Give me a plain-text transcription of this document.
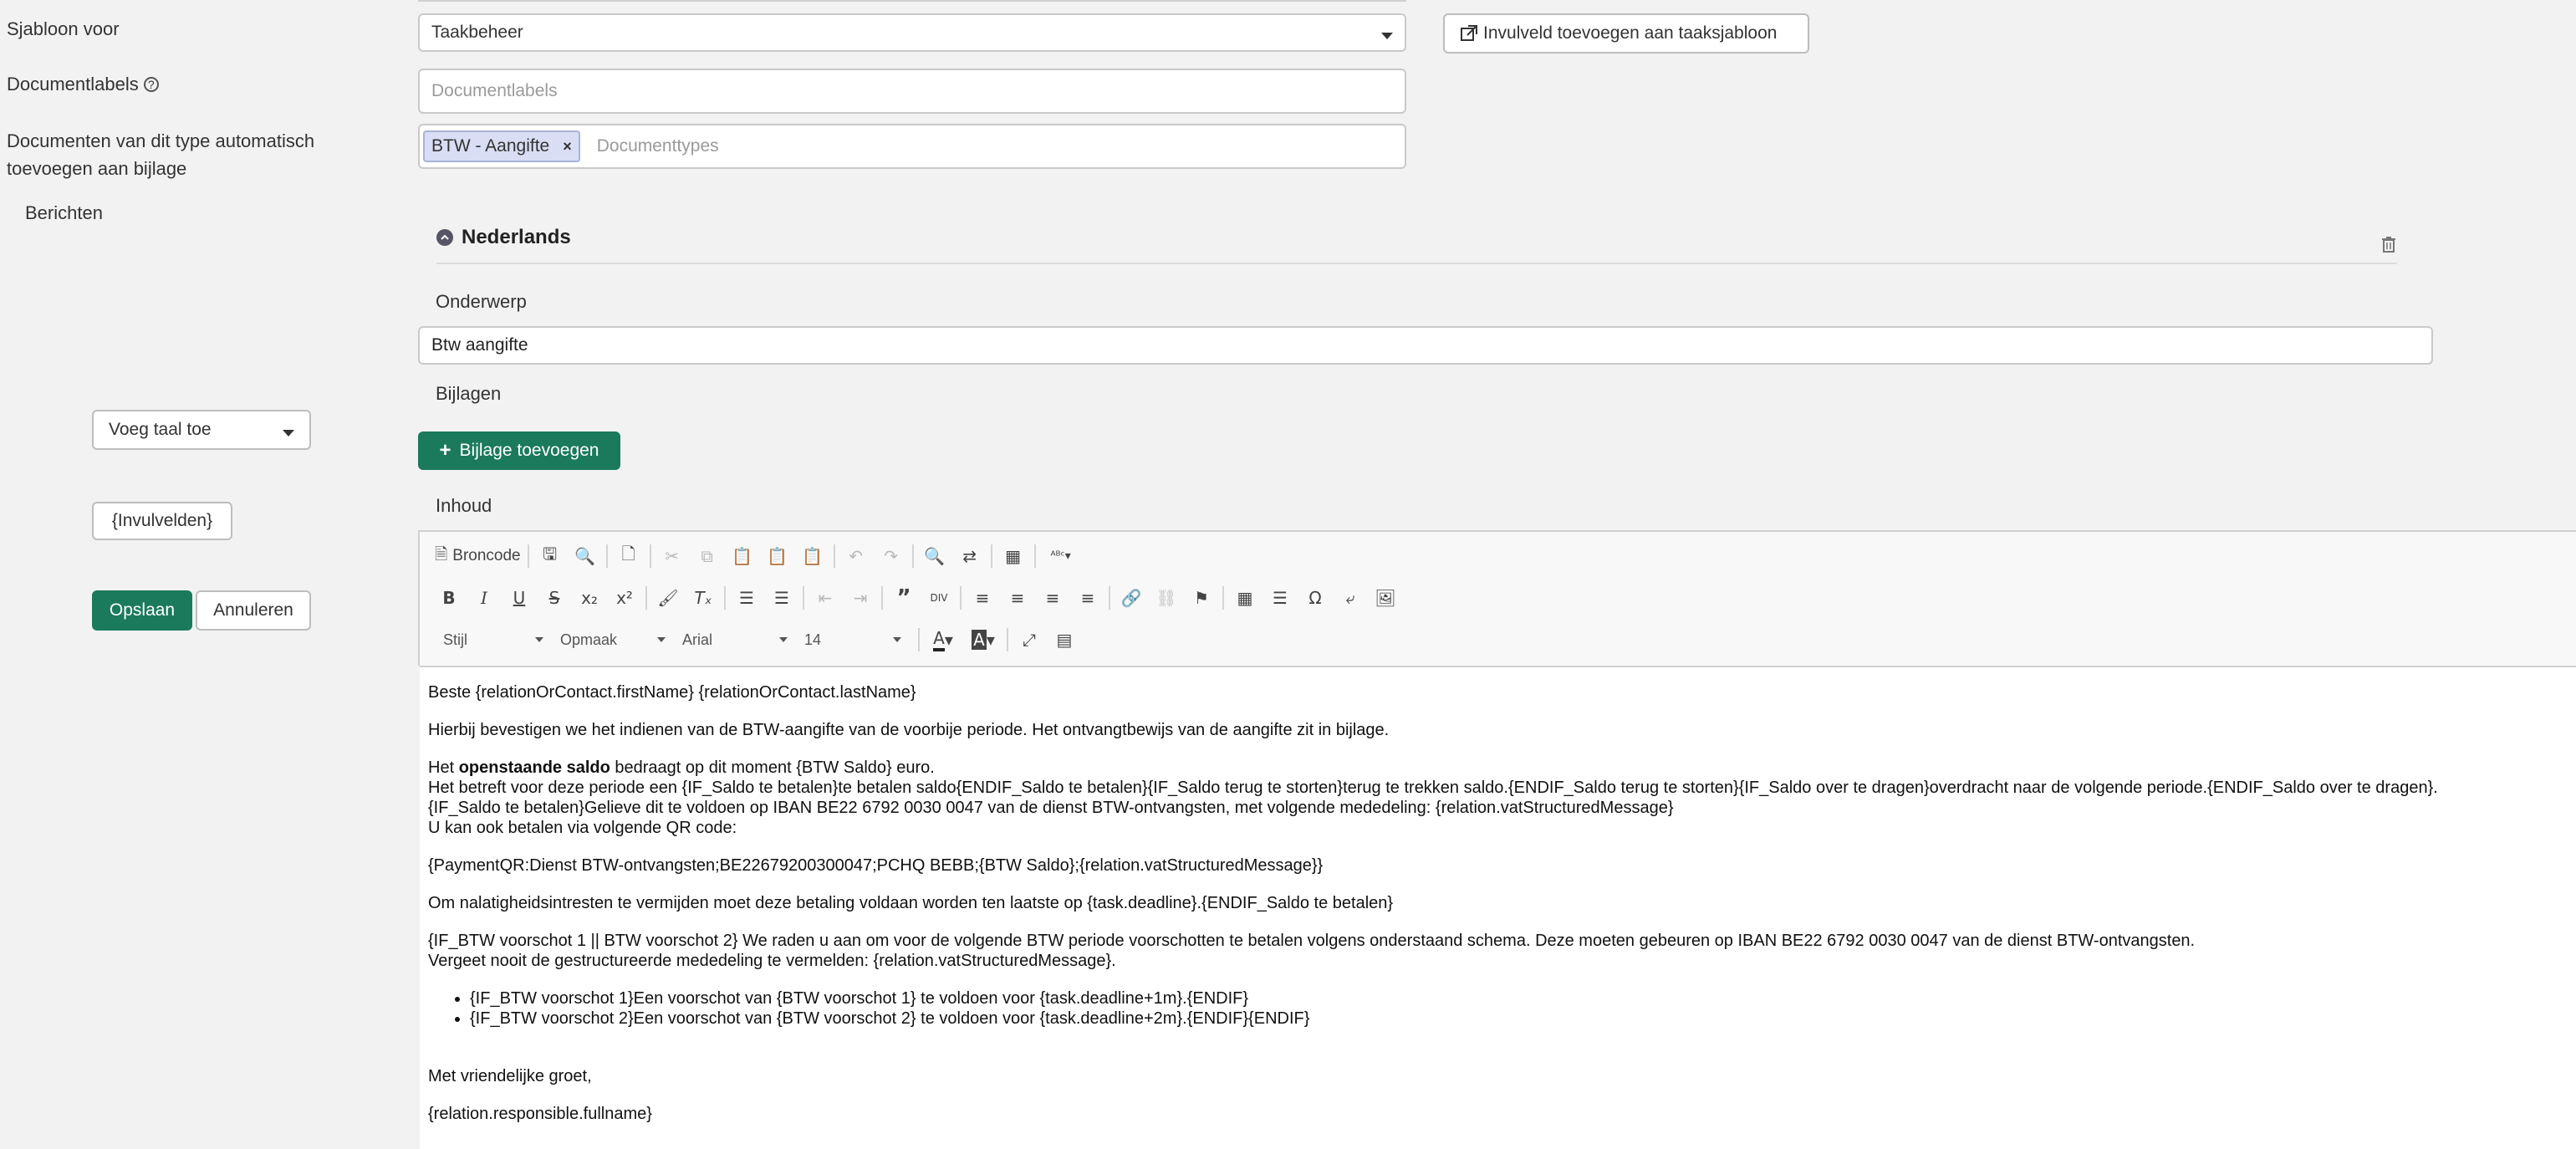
Sjabloon voor	Taakbeheer	Invulveld toevoegen aan taaksjabloon
Documentlabels ?	Documentlabels
Documenten van dit type automatisch
toevoegen aan bijlage
BTW - Aangifte × Documenttypes
Berichten
Nederlands
Onderwerp
Btw aangifte
Bijlagen
+ Bijlage toevoegen
Inhoud
Voeg taal toe
{Invulvelden}
Opslaan Annuleren
🗎 Broncode	🖫	🔍	🗋	✂	⧉	📋 📋 📋	↶	↷	🔍	⇄	▦	ᴬᴮᶜ▾
B	I	U	S	x₂	x²	🖌 Tₓ	☰	☰	⇤	⇥	”	DIV	≡	≡	≡	≡	🔗 ⛓	⚑	▦	☰	Ω	⤶	🖼
Stijl	Opmaak	Arial	14	A ▾	A ▾	⤢	▤

Beste {relationOrContact.firstName} {relationOrContact.lastName}

Hierbij bevestigen we het indienen van de BTW-aangifte van de voorbije periode. Het ontvangtbewijs van de aangifte zit in bijlage.

Het openstaande saldo bedraagt op dit moment {BTW Saldo} euro.
Het betreft voor deze periode een {IF_Saldo te betalen}te betalen saldo{ENDIF_Saldo te betalen}{IF_Saldo terug te storten}terug te trekken saldo.{ENDIF_Saldo terug te storten}{IF_Saldo over te dragen}overdracht naar de volgende periode.{ENDIF_Saldo over te dragen}.
{IF_Saldo te betalen}Gelieve dit te voldoen op IBAN BE22 6792 0030 0047 van de dienst BTW-ontvangsten, met volgende mededeling: {relation.vatStructuredMessage}
U kan ook betalen via volgende QR code:

{PaymentQR:Dienst BTW-ontvangsten;BE22679200300047;PCHQ BEBB;{BTW Saldo};{relation.vatStructuredMessage}}

Om nalatigheidsintresten te vermijden moet deze betaling voldaan worden ten laatste op {task.deadline}.{ENDIF_Saldo te betalen}

{IF_BTW voorschot 1 || BTW voorschot 2} We raden u aan om voor de volgende BTW periode voorschotten te betalen volgens onderstaand schema. Deze moeten gebeuren op IBAN BE22 6792 0030 0047 van de dienst BTW-ontvangsten.
Vergeet nooit de gestructureerde mededeling te vermelden: {relation.vatStructuredMessage}.

• {IF_BTW voorschot 1}Een voorschot van {BTW voorschot 1} te voldoen voor {task.deadline+1m}.{ENDIF}
• {IF_BTW voorschot 2}Een voorschot van {BTW voorschot 2} te voldoen voor {task.deadline+2m}.{ENDIF}{ENDIF}

Met vriendelijke groet,

{relation.responsible.fullname}
